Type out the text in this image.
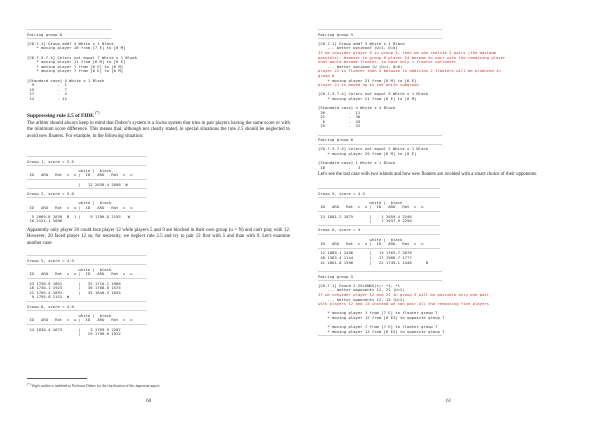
~~~~~~~~~~~~~~~~~~~~~~~~~~~~~~~~~~~~
Pairing group 6
~~~~~~~~~~~~~~~~~~~~~~~~~~~~~~~~~~~~
[C6.7.1] Group add? 4 White x 1 Black
* moving player 16 from [7 E] to [6 M]
[C6.7.3.7.4] Colors not equal 7 White x 1 Black
* moving player 11 from [6 M] to [6 E]
* moving player 1 from [6 E] to [6 M]
* moving player 7 from [6 E] to [6 M]
[Standard case] 4 White x 1 Black
9          -  1
19          -  7
27          -  4
14          - 12

Suppressing rule 2.5 of FIDE (*)

The arbiter should always keep in mind that Dubov's system is a Swiss system that tries to pair players having the same score or with the minimum score difference. This means that, although not clearly stated, in special situations the rule 2.5 should be neglected to avoid new floaters. For example, in the following situation:

~~~~~~~~~~~~~~~~~~~~~~~~~~~~~~~~~~~~~~~~~~~~~~~~~~~
Group 1, score = 5.5
~~~~~~~~~~~~~~~~~~~~~~~~~~~~~~~~~~~~~~~~~~~~~~~~~~~
white |  black
ID   ARO   Rat  c  u |  ID   ARO   Rat  c  u
~~~~~~~~~~~~~~~~~~~~~~~~~~~~~~~~~~~~~~~~~~~~~~~~~~~
|   12 2038.4 2098  W
~~~~~~~~~~~~~~~~~~~~~~~~~~~~~~~~~~~~~~~~~~~~~~~~~~~
Group 2, score = 5.0
~~~~~~~~~~~~~~~~~~~~~~~~~~~~~~~~~~~~~~~~~~~~~~~~~~~
white |  black
ID   ARO   Rat  c  u |  ID   ARO   Rat  c  u
~~~~~~~~~~~~~~~~~~~~~~~~~~~~~~~~~~~~~~~~~~~~~~~~~~~
5 2069.8 2039  B  1 |    9 1796.8 2195   W
10 2121.1 1898

Apparently only player 20 could face player 12 while players 5 and 9 are blocked in their own group (u = N) and can't play with 12. However, 20 faced player 12 so, for necessity, we neglect rule 2.5 and try to pair 12 first with 5 and than with 9. Let's examine another case:

~~~~~~~~~~~~~~~~~~~~~~~~~~~~~~~~~~~~~~~~~~~~~~~~~~~
Group 5, score = 4.5
~~~~~~~~~~~~~~~~~~~~~~~~~~~~~~~~~~~~~~~~~~~~~~~~~~~
white |  black
ID   ARO   Rat  c  u |  ID   ARO   Rat  c  u
~~~~~~~~~~~~~~~~~~~~~~~~~~~~~~~~~~~~~~~~~~~~~~~~~~~
43 1756.9 1851       |   32 1710.1 1986
18 1740.1 1923       |   36 1708.8 1575
21 1705.4 1891       |   35 1640.3 1845
9 1795.0 2151  W
~~~~~~~~~~~~~~~~~~~~~~~~~~~~~~~~~~~~~~~~~~~~~~~~~~~
Group 6, score = 4.0
~~~~~~~~~~~~~~~~~~~~~~~~~~~~~~~~~~~~~~~~~~~~~~~~~~~
white |  black
ID   ARO   Rat  c  u |  ID   ARO   Rat  c  u
~~~~~~~~~~~~~~~~~~~~~~~~~~~~~~~~~~~~~~~~~~~~~~~~~~~
24 1836.4 1673       |    3 1769.9 2207
|   29 1796.6 1922
(*) Vega's author is indebted to Professor Dubov for the clarification of this important aspect.
60
~~~~~~~~~~~~~~~~~~~~~~~~~~~~~~~~~~~~~~~~~~~~~~~~~~~~~
Pairing group 5
~~~~~~~~~~~~~~~~~~~~~~~~~~~~~~~~~~~~~~~~~~~~~~~~~~~~~
[C6.7.1] Group add? 3 White x 1 Black
... better optimum? (U=1, D=0)
If we consider player 9 in group 5, then we can realize 2 pairs (the maximum
possible). However in group 6 player 24 become to pair with the remaining player
that would become floater, to have only 1 floater upfloater.
... better optimum (U (U=1, D=0)
player 21 is floater then 3 because in addition 2 floaters will be produced in
group 6
* moving player 21 from [6 M] to [6 E]
player 21 is moved up in the white subgroup
[C6.7.3.7.4] Colors not equal 3 White x 1 Black
* moving player 21 from [6 E] to [6 M]
[Standard case] 4 White x 4 Black
26          -  12
21          -  36
6          -  43
25          -  32
~~~~~~~~~~~~~~~~~~~~~~~~~~~~~~~~~~~~~~~~~~~~~~~~~~~~~
Pairing group 6
~~~~~~~~~~~~~~~~~~~~~~~~~~~~~~~~~~~~~~~~~~~~~~~~~~~~~
[C6.7.3.7.4] Colors not equal 2 White x 1 Black
* moving player 29 from [6 M] to [6 E]
[Standard case] 1 White x 1 Black
18          -   3

Let's see the last case with two islands and how new floaters are avoided with a smart choice of their opponents.

~~~~~~~~~~~~~~~~~~~~~~~~~~~~~~~~~~~~~~~~~~~~~~~~~~~~
Group 5, score = 4.5
~~~~~~~~~~~~~~~~~~~~~~~~~~~~~~~~~~~~~~~~~~~~~~~~~~~~
white |  black
ID   ARO   Rat  c  u |  ID   ARO   Rat  c  u
~~~~~~~~~~~~~~~~~~~~~~~~~~~~~~~~~~~~~~~~~~~~~~~~~~~~
23 1891.2 1875       |    1 2059.4 2346
|    7 1937.9 2250
~~~~~~~~~~~~~~~~~~~~~~~~~~~~~~~~~~~~~~~~~~~~~~~~~~~~
Group 6, score = 4
~~~~~~~~~~~~~~~~~~~~~~~~~~~~~~~~~~~~~~~~~~~~~~~~~~~~
white |  black
ID   ARO   Rat  c  u |  ID   ARO   Rat  c  u
~~~~~~~~~~~~~~~~~~~~~~~~~~~~~~~~~~~~~~~~~~~~~~~~~~~~
12 1889.1 2496       |   13 1765.7 2070
40 1583.4 1144       |   17 1988.7 1777
41 1801.0 1596       |   22 1745.1 1446      B
~~~~~~~~~~~~~~~~~~~~~~~~~~~~~~~~~~~~~~~~~~~~~~~~~~~~~
Pairing group 5
~~~~~~~~~~~~~~~~~~~~~~~~~~~~~~~~~~~~~~~~~~~~~~~~~~~~~
[C6.7.1] Found 2 ISLANDS(s): *1, *1
... better opponents 12, 21 (U=2)
If we consider player 12 and 21 in group 5 will be possible only one pair,
... better opponents 12, 13 (U=2)
with players 12 and 13 instead we can pair all the remaining five players
* moving player 1 from [7 E] to floater group 7
* moving player 12 from [6 E3] to opposite group 7
* moving player 7 from [7 E] to floater group 7
* moving player 13 from [6 E3] to opposite group 7
~~~~~~~~~~~~~~~~~~~~~~~~~~~~~~~~~~~~~~~~~~~~~~~~~~~~~
61
